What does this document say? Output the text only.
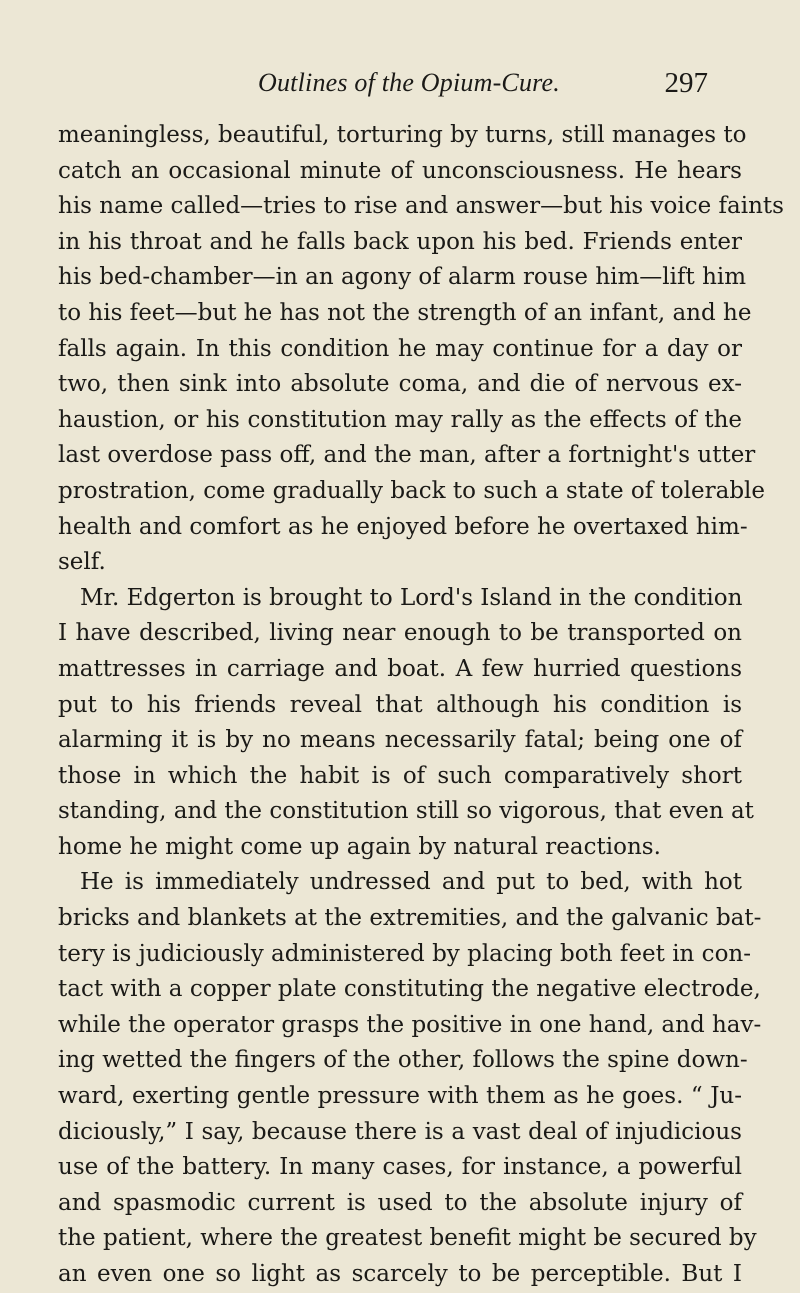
Outlines of the Opium-Cure.	297
meaningless, beautiful, torturing by turns, still manages to
catch an occasional minute of unconsciousness. He hears
his name called—tries to rise and answer—but his voice faints
in his throat and he falls back upon his bed. Friends enter
his bed-chamber—in an agony of alarm rouse him—lift him
to his feet—but he has not the strength of an infant, and he
falls again. In this condition he may continue for a day or
two, then sink into absolute coma, and die of nervous ex-
haustion, or his constitution may rally as the effects of the
last overdose pass off, and the man, after a fortnight's utter
prostration, come gradually back to such a state of tolerable
health and comfort as he enjoyed before he overtaxed him-
self.
Mr. Edgerton is brought to Lord's Island in the condition
I have described, living near enough to be transported on
mattresses in carriage and boat. A few hurried questions
put to his friends reveal that although his condition is
alarming it is by no means necessarily fatal; being one of
those in which the habit is of such comparatively short
standing, and the constitution still so vigorous, that even at
home he might come up again by natural reactions.
He is immediately undressed and put to bed, with hot
bricks and blankets at the extremities, and the galvanic bat-
tery is judiciously administered by placing both feet in con-
tact with a copper plate constituting the negative electrode,
while the operator grasps the positive in one hand, and hav-
ing wetted the fingers of the other, follows the spine down-
ward, exerting gentle pressure with them as he goes. “ Ju-
diciously,” I say, because there is a vast deal of injudicious
use of the battery. In many cases, for instance, a powerful
and spasmodic current is used to the absolute injury of
the patient, where the greatest benefit might be secured by
an even one so light as scarcely to be perceptible. But I
